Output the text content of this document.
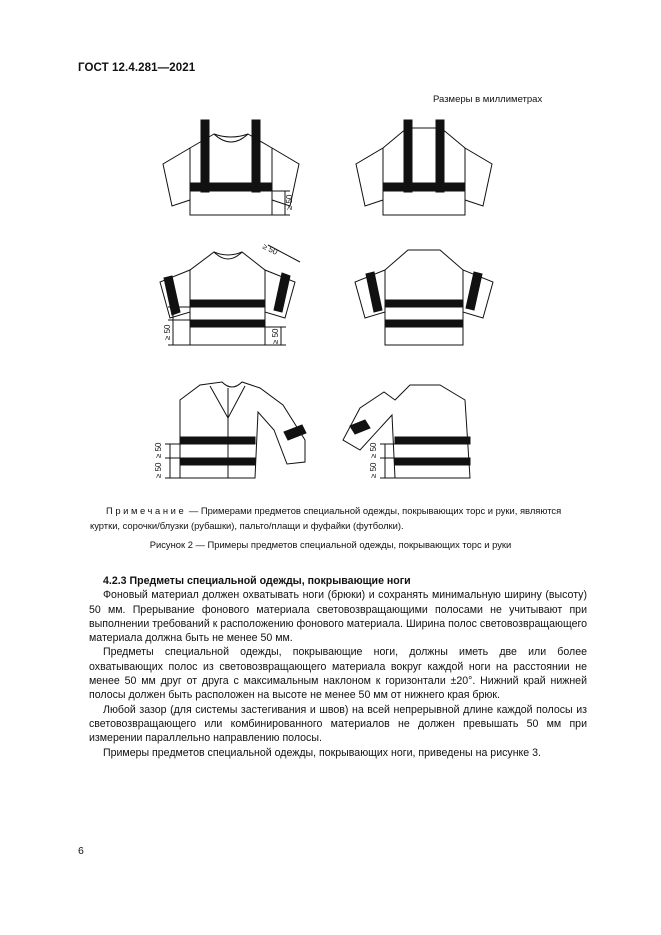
ГОСТ 12.4.281—2021
Размеры в миллиметрах
≥ 50
≥ 50
≥ 50	≥ 50
≥ 50
≥ 50
≥ 50
≥ 50
Примечание — Примерами предметов специальной одежды, покрывающих торс и руки, являются куртки, сорочки/блузки (рубашки), пальто/плащи и фуфайки (футболки).
Рисунок 2 — Примеры предметов специальной одежды, покрывающих торс и руки
4.2.3 Предметы специальной одежды, покрывающие ноги

Фоновый материал должен охватывать ноги (брюки) и сохранять минимальную ширину (высоту) 50 мм. Прерывание фонового материала световозвращающими полосами не учитывают при выполнении требований к расположению фонового материала. Ширина полос световозвращающего материала должна быть не менее 50 мм.

Предметы специальной одежды, покрывающие ноги, должны иметь две или более охватывающих полос из световозвращающего материала вокруг каждой ноги на расстоянии не менее 50 мм друг от друга с максимальным наклоном к горизонтали ±20°. Нижний край нижней полосы должен быть расположен на высоте не менее 50 мм от нижнего края брюк.

Любой зазор (для системы застегивания и швов) на всей непрерывной длине каждой полосы из световозвращающего или комбинированного материалов не должен превышать 50 мм при измерении параллельно направлению полосы.

Примеры предметов специальной одежды, покрывающих ноги, приведены на рисунке 3.

6
